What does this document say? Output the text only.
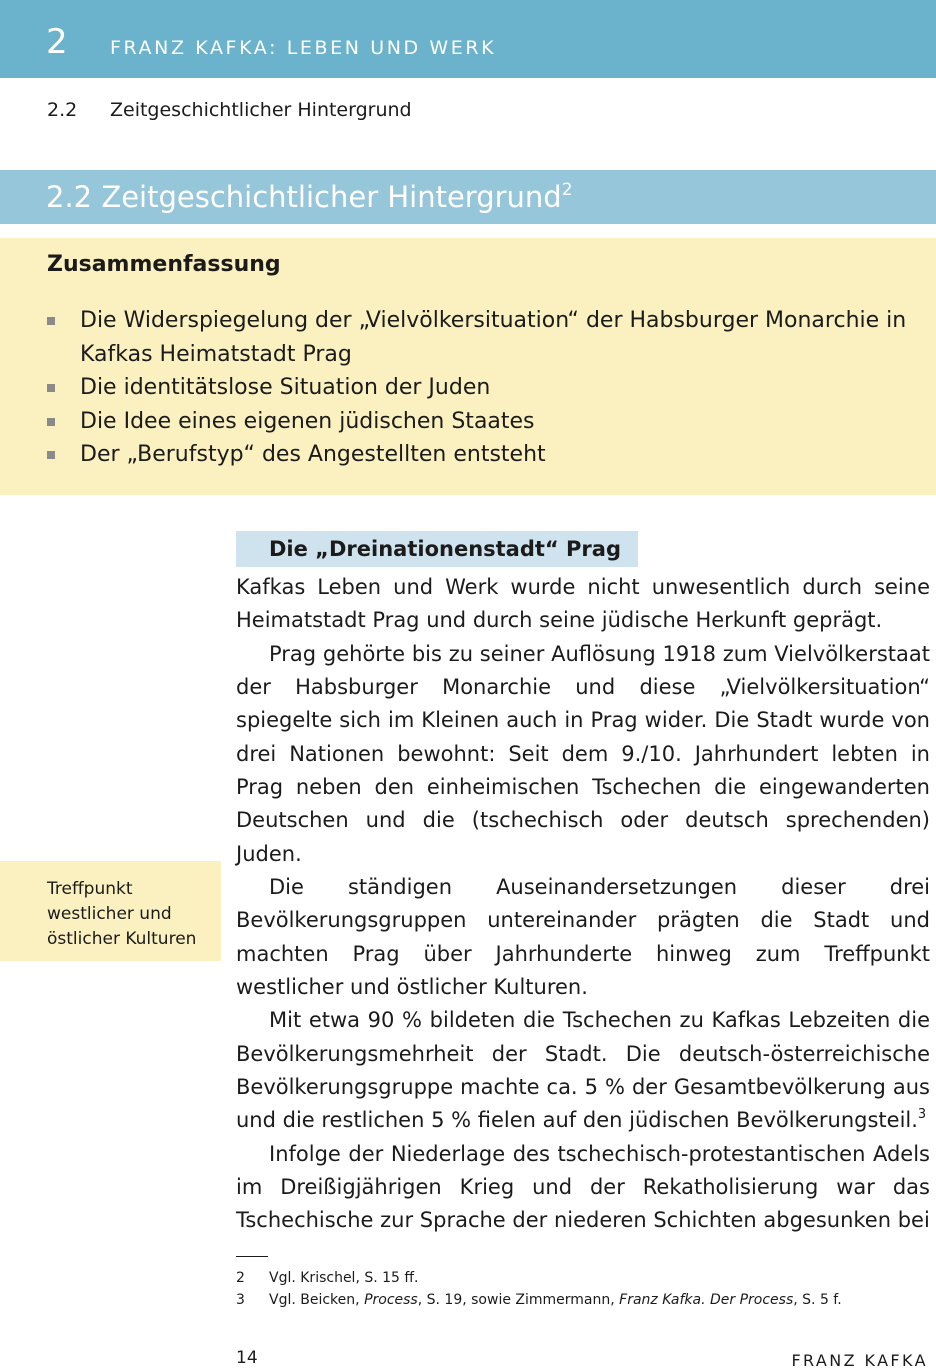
2 FRANZ KAFKA: LEBEN UND WERK
2.2 Zeitgeschichtlicher Hintergrund
2.2 Zeitgeschichtlicher Hintergrund$^2$
Zusammenfassung
Die Widerspiegelung der „Vielvölkersituation“ der Habsburger Monarchie in Kafkas Heimatstadt Prag
Die identitätslose Situation der Juden
Die Idee eines eigenen jüdischen Staates
Der „Berufstyp“ des Angestellten entsteht
Treffpunkt westlicher und östlicher Kulturen
Die „Dreinationenstadt“ Prag

Kafkas Leben und Werk wurde nicht unwesentlich durch seine Heimatstadt Prag und durch seine jüdische Herkunft geprägt.

Prag gehörte bis zu seiner Auflösung 1918 zum Vielvölkerstaat der Habsburger Monarchie und diese „Vielvölkersituation“ spiegelte sich im Kleinen auch in Prag wider. Die Stadt wurde von drei Nationen bewohnt: Seit dem 9./10. Jahrhundert lebten in Prag neben den einheimischen Tschechen die eingewanderten Deutschen und die (tschechisch oder deutsch sprechenden) Juden.

Die ständigen Auseinandersetzungen dieser drei Bevölkerungsgruppen untereinander prägten die Stadt und machten Prag über Jahrhunderte hinweg zum Treffpunkt westlicher und östlicher Kulturen.

Mit etwa 90 % bildeten die Tschechen zu Kafkas Lebzeiten die Bevölkerungsmehrheit der Stadt. Die deutsch-österreichische Bevölkerungsgruppe machte ca. 5 % der Gesamtbevölkerung aus und die restlichen 5 % fielen auf den jüdischen Bevölkerungsteil.$^3$

Infolge der Niederlage des tschechisch-protestantischen Adels im Dreißigjährigen Krieg und der Rekatholisierung war das Tschechische zur Sprache der niederen Schichten abgesunken bei

2 Vgl. Krischel, S. 15 ff.
3 Vgl. Beicken, Process, S. 19, sowie Zimmermann, Franz Kafka. Der Process, S. 5 f.
14	FRANZ KAFKA
